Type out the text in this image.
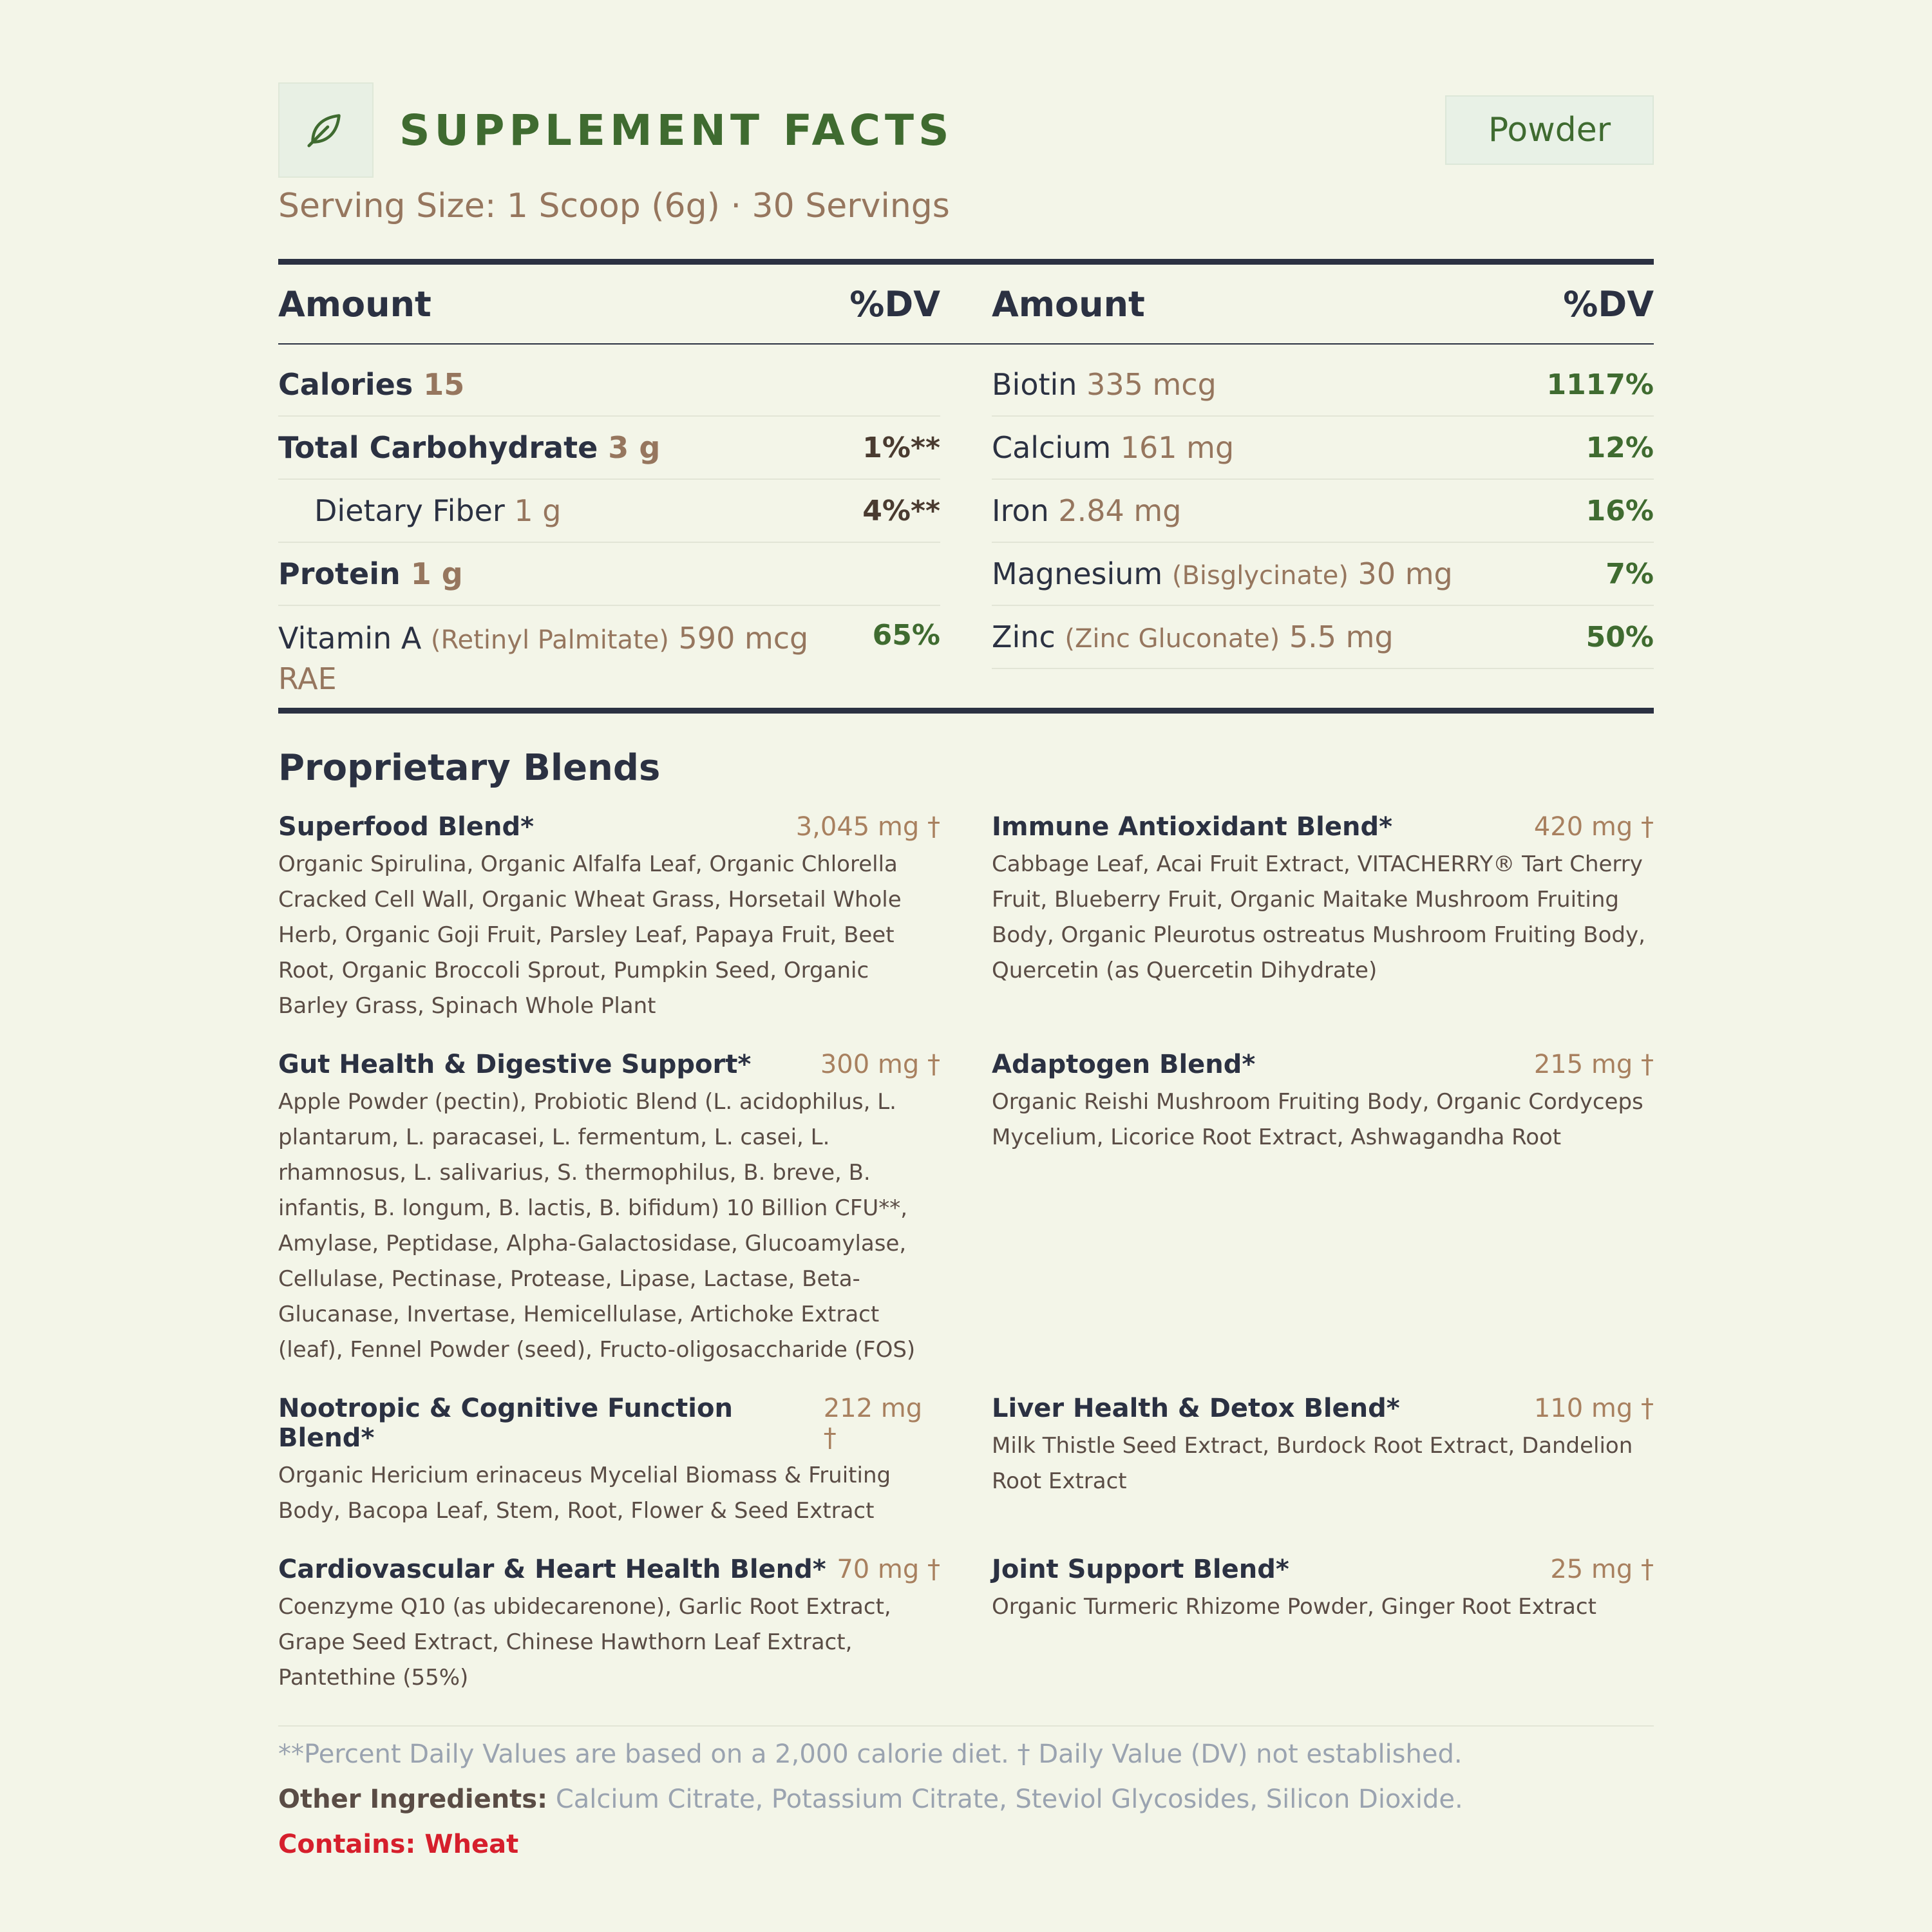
SUPPLEMENT FACTS	Powder
Serving Size: 1 Scoop (6g) · 30 Servings
Amount	%DV Amount	%DV
Calories 15
Total Carbohydrate 3 g	1%**
Dietary Fiber 1 g	4%**
Protein 1 g
Vitamin A (Retinyl Palmitate) 590 mcg RAE
65%
Biotin 335 mcg	1117%
Calcium 161 mg	12%
Iron 2.84 mg	16%
Magnesium (Bisglycinate) 30 mg	7%
Zinc (Zinc Gluconate) 5.5 mg	50%
Proprietary Blends
Superfood Blend*	3,045 mg †
Organic Spirulina, Organic Alfalfa Leaf, Organic Chlorella Cracked Cell Wall, Organic Wheat Grass, Horsetail Whole Herb, Organic Goji Fruit, Parsley Leaf, Papaya Fruit, Beet Root, Organic Broccoli Sprout, Pumpkin Seed, Organic Barley Grass, Spinach Whole Plant
Immune Antioxidant Blend*	420 mg †
Cabbage Leaf, Acai Fruit Extract, VITACHERRY® Tart Cherry Fruit, Blueberry Fruit, Organic Maitake Mushroom Fruiting Body, Organic Pleurotus ostreatus Mushroom Fruiting Body, Quercetin (as Quercetin Dihydrate)
Gut Health & Digestive Support*	300 mg †
Apple Powder (pectin), Probiotic Blend (L. acidophilus, L. plantarum, L. paracasei, L. fermentum, L. casei, L. rhamnosus, L. salivarius, S. thermophilus, B. breve, B. infantis, B. longum, B. lactis, B. bifidum) 10 Billion CFU**, Amylase, Peptidase, Alpha-Galactosidase, Glucoamylase, Cellulase, Pectinase, Protease, Lipase, Lactase, Beta-Glucanase, Invertase, Hemicellulase, Artichoke Extract (leaf), Fennel Powder (seed), Fructo-oligosaccharide (FOS)
Adaptogen Blend*	215 mg †
Organic Reishi Mushroom Fruiting Body, Organic Cordyceps Mycelium, Licorice Root Extract, Ashwagandha Root
Nootropic & Cognitive Function Blend*
212 mg †
Organic Hericium erinaceus Mycelial Biomass & Fruiting Body, Bacopa Leaf, Stem, Root, Flower & Seed Extract
Liver Health & Detox Blend*	110 mg †
Milk Thistle Seed Extract, Burdock Root Extract, Dandelion Root Extract
Cardiovascular & Heart Health Blend* 70 mg †
Coenzyme Q10 (as ubidecarenone), Garlic Root Extract, Grape Seed Extract, Chinese Hawthorn Leaf Extract, Pantethine (55%)
Joint Support Blend*	25 mg †
Organic Turmeric Rhizome Powder, Ginger Root Extract
**Percent Daily Values are based on a 2,000 calorie diet. † Daily Value (DV) not established.
Other Ingredients: Calcium Citrate, Potassium Citrate, Steviol Glycosides, Silicon Dioxide.
Contains: Wheat
